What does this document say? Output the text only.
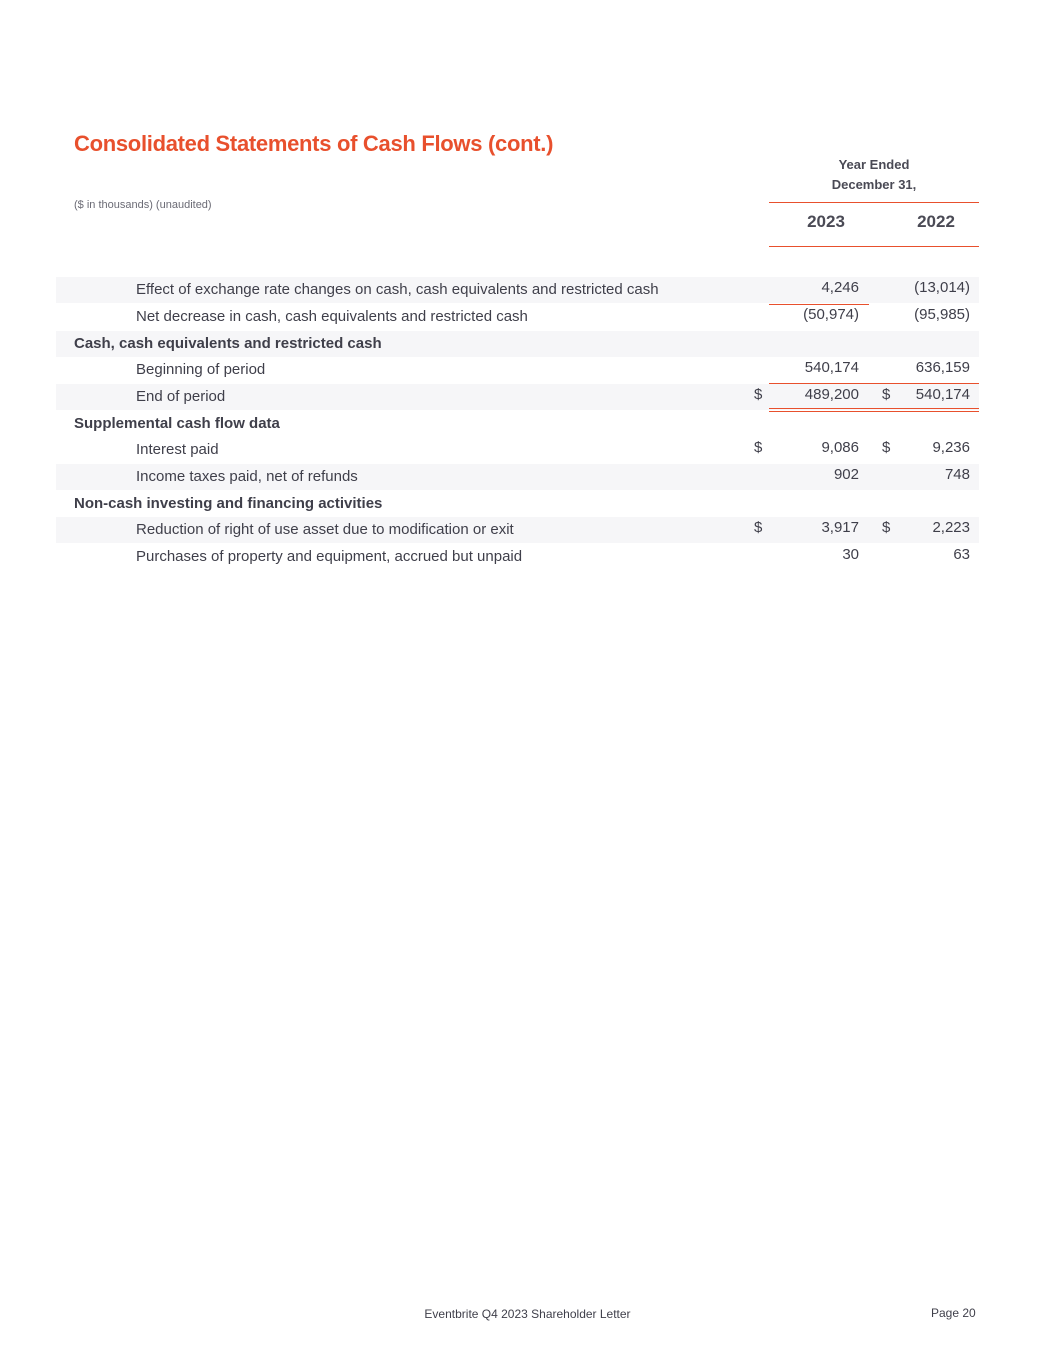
Consolidated Statements of Cash Flows (cont.)
($ in thousands) (unaudited)
Year Ended
December 31,
2023	2022
Effect of exchange rate changes on cash, cash equivalents and restricted cash	4,246	(13,014)
Net decrease in cash, cash equivalents and restricted cash	(50,974)	(95,985)
Cash, cash equivalents and restricted cash
Beginning of period	540,174	636,159
End of period	$	489,200 $	540,174
Supplemental cash flow data
Interest paid	$	9,086 $	9,236
Income taxes paid, net of refunds	902	748
Non-cash investing and financing activities
Reduction of right of use asset due to modification or exit	$	3,917 $	2,223
Purchases of property and equipment, accrued but unpaid	30	63
Eventbrite Q4 2023 Shareholder Letter	Page 20
